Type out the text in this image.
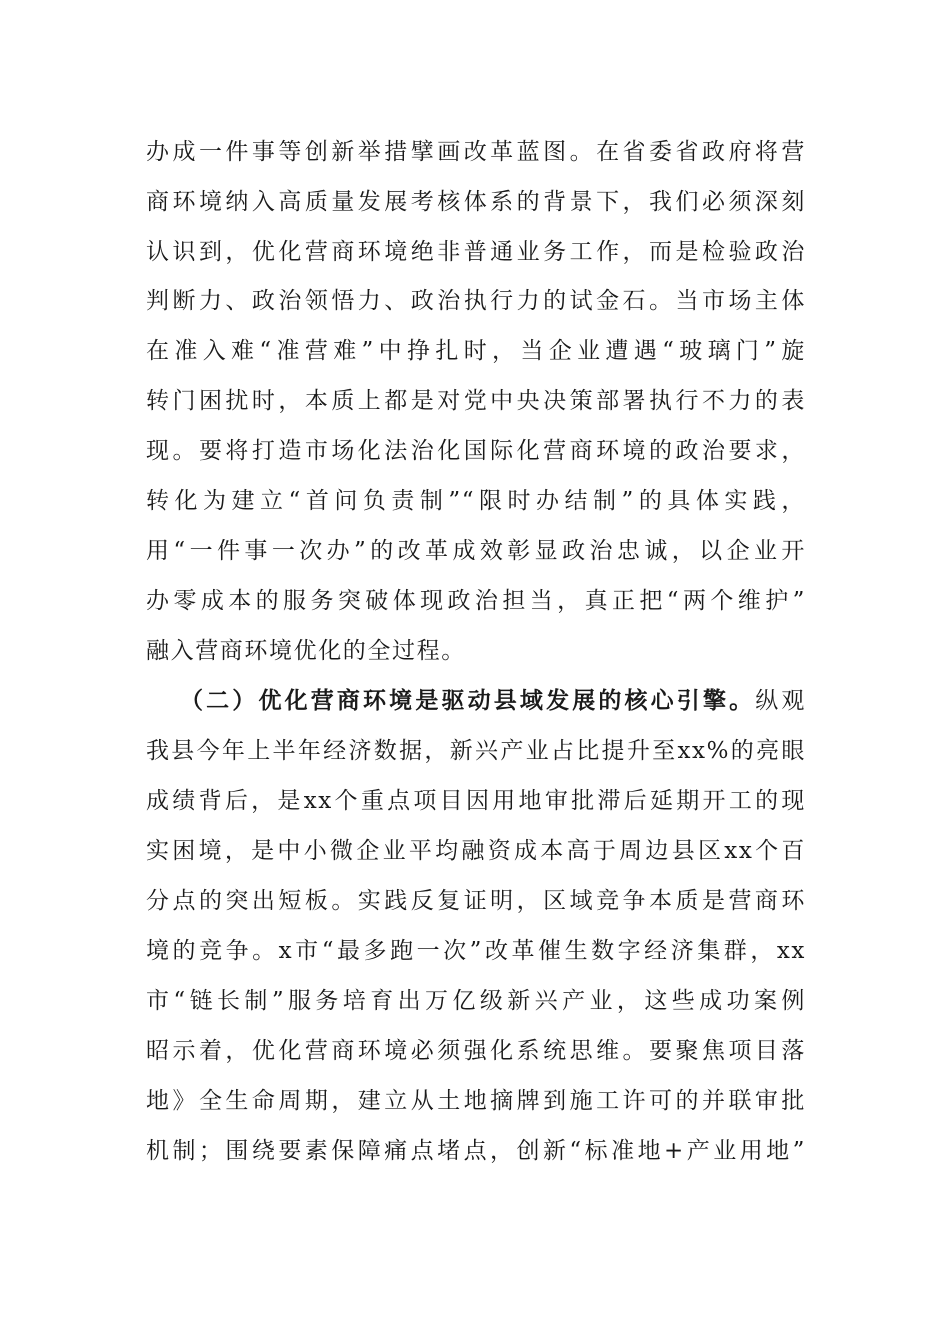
办成一件事等创新举措擘画改革蓝图。在省委省政府将营
商环境纳入高质量发展考核体系的背景下，我们必须深刻
认识到，优化营商环境绝非普通业务工作，而是检验政治
判断力、政治领悟力、政治执行力的试金石。当市场主体
在准入难“准营难”中挣扎时，当企业遭遇“玻璃门”旋
转门困扰时，本质上都是对党中央决策部署执行不力的表
现。要将打造市场化法治化国际化营商环境的政治要求，
转化为建立“首问负责制”“限时办结制”的具体实践，
用“一件事一次办”的改革成效彰显政治忠诚，以企业开
办零成本的服务突破体现政治担当，真正把“两个维护”
融入营商环境优化的全过程。
（二）优化营商环境是驱动县域发展的核心引擎。纵观
我县今年上半年经济数据，新兴产业占比提升至xx%的亮眼
成绩背后，是xx个重点项目因用地审批滞后延期开工的现
实困境，是中小微企业平均融资成本高于周边县区xx个百
分点的突出短板。实践反复证明，区域竞争本质是营商环
境的竞争。x市“最多跑一次”改革催生数字经济集群，xx
市“链长制”服务培育出万亿级新兴产业，这些成功案例
昭示着，优化营商环境必须强化系统思维。要聚焦项目落
地》全生命周期，建立从土地摘牌到施工许可的并联审批
机制；围绕要素保障痛点堵点，创新“标准地+产业用地”
